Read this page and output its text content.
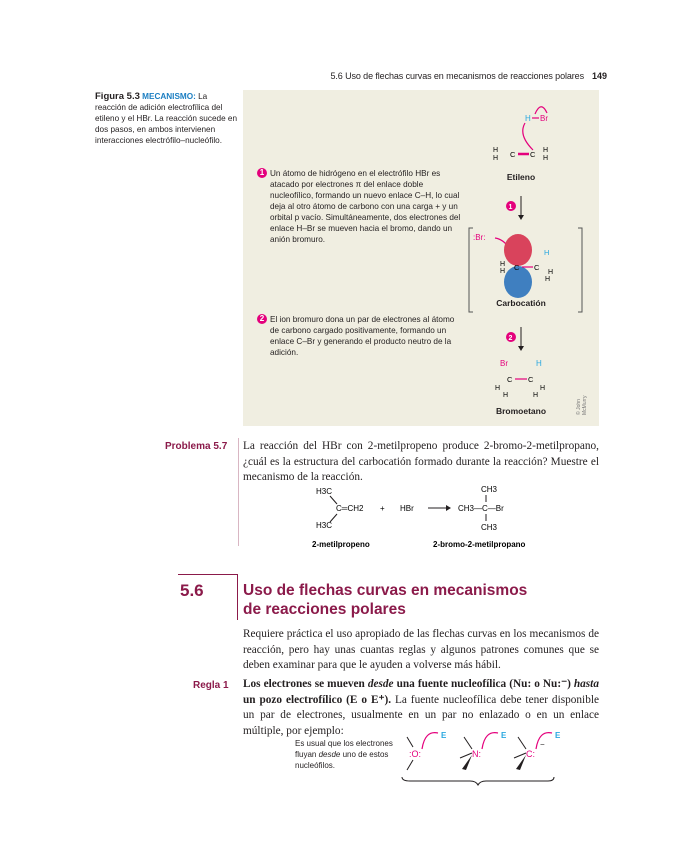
5.6 Uso de flechas curvas en mecanismos de reacciones polares 149
Figura 5.3 MECANISMO: La reacción de adición electrofílica del etileno y el HBr. La reacción sucede en dos pasos, en ambos intervienen interacciones electrófilo–nucleófilo.
1 Un átomo de hidrógeno en el electrófilo HBr es atacado por electrones π del enlace doble nucleofílico, formando un nuevo enlace C–H, lo cual deja al otro átomo de carbono con una carga + y un orbital p vacío. Simultáneamente, dos electrones del enlace H–Br se mueven hacia el bromo, dando un anión bromuro.
2 El ion bromuro dona un par de electrones al átomo de carbono cargado positivamente, formando un enlace C–Br y generando el producto neutro de la adición.
H Br
H
H C C H
H
Etileno
1
:Br:
H
H C C
H
H
H
Carbocatión
2
Br	H
C C
H
H
H
H
Bromoetano	© John McMurry
Problema 5.7 La reacción del HBr con 2-metilpropeno produce 2-bromo-2-metilpropano, ¿cuál es la estructura del carbocatión formado durante la reacción? Muestre el mecanismo de la reacción.
H3C
C═CH2
H3C
+ HBr
CH3
CH3—C—Br
CH3
2-metilpropeno	2-bromo-2-metilpropano
5.6	Uso de flechas curvas en mecanismos
de reacciones polares
Requiere práctica el uso apropiado de las flechas curvas en los mecanismos de reacción, pero hay unas cuantas reglas y algunos patrones comunes que se deben examinar para que le ayuden a volverse más hábil.
Regla 1 Los electrones se mueven desde una fuente nucleofílica (Nu: o Nu:⁻) hasta un pozo electrofílico (E o E⁺). La fuente nucleofílica debe tener disponible un par de electrones, usualmente en un par no enlazado o en un enlace múltiple, por ejemplo:
Es usual que los electrones fluyan desde uno de estos nucleófilos.
:O:
E
N:
E
C:
−
E
